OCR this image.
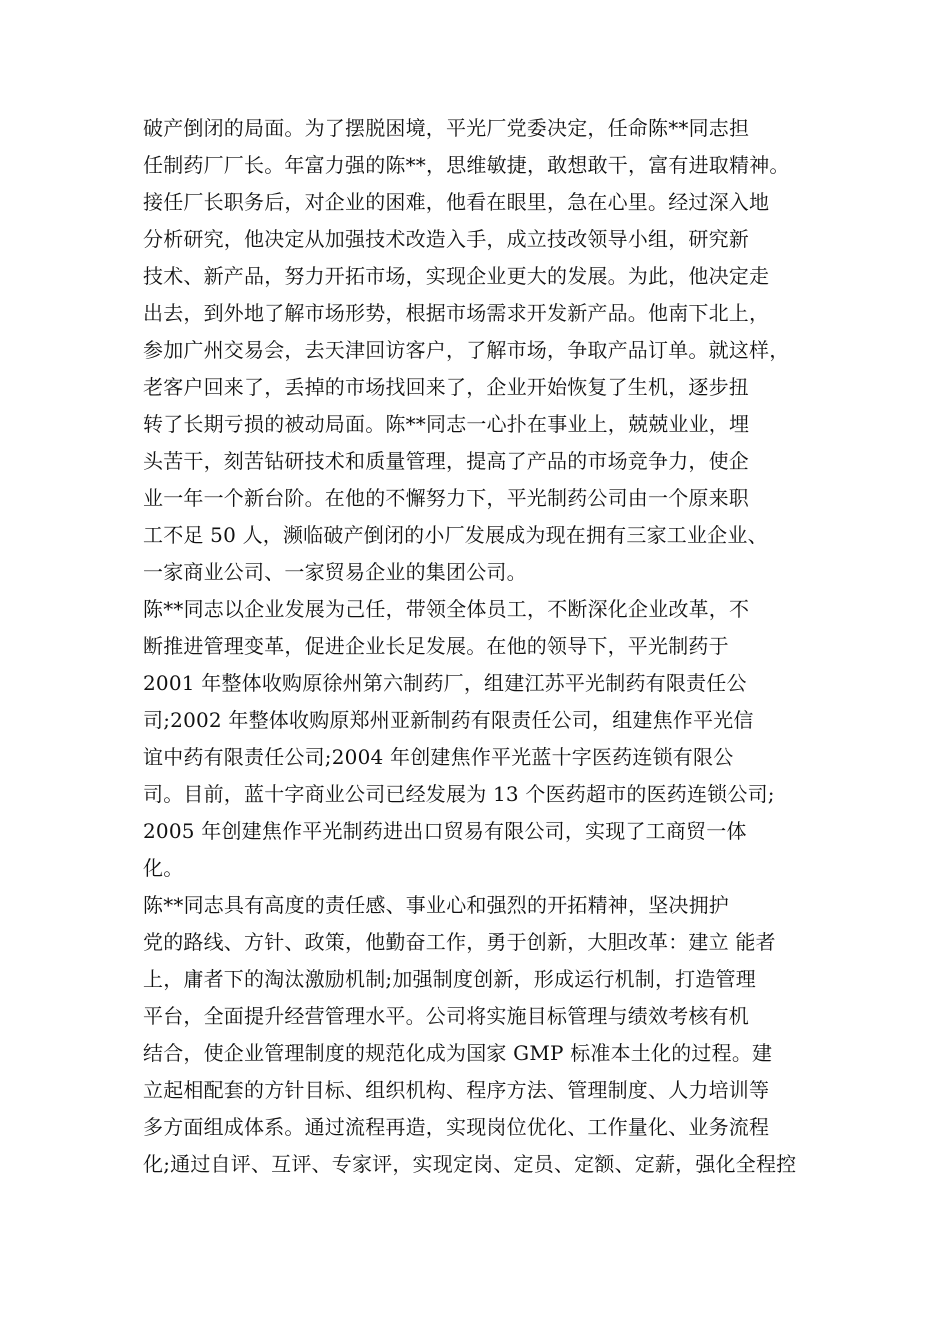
破产倒闭的局面。为了摆脱困境，平光厂党委决定，任命陈**同志担
任制药厂厂长。年富力强的陈**，思维敏捷，敢想敢干，富有进取精神。
接任厂长职务后，对企业的困难，他看在眼里，急在心里。经过深入地
分析研究，他决定从加强技术改造入手，成立技改领导小组，研究新
技术、新产品，努力开拓市场，实现企业更大的发展。为此，他决定走
出去，到外地了解市场形势，根据市场需求开发新产品。他南下北上，
参加广州交易会，去天津回访客户，了解市场，争取产品订单。就这样，
老客户回来了，丢掉的市场找回来了，企业开始恢复了生机，逐步扭
转了长期亏损的被动局面。陈**同志一心扑在事业上，兢兢业业，埋
头苦干，刻苦钻研技术和质量管理，提高了产品的市场竞争力，使企
业一年一个新台阶。在他的不懈努力下，平光制药公司由一个原来职
工不足 50 人，濒临破产倒闭的小厂发展成为现在拥有三家工业企业、
一家商业公司、一家贸易企业的集团公司。
陈**同志以企业发展为己任，带领全体员工，不断深化企业改革，不
断推进管理变革，促进企业长足发展。在他的领导下，平光制药于
2001 年整体收购原徐州第六制药厂，组建江苏平光制药有限责任公
司;2002 年整体收购原郑州亚新制药有限责任公司，组建焦作平光信
谊中药有限责任公司;2004 年创建焦作平光蓝十字医药连锁有限公
司。目前，蓝十字商业公司已经发展为 13 个医药超市的医药连锁公司;
2005 年创建焦作平光制药进出口贸易有限公司，实现了工商贸一体
化。
陈**同志具有高度的责任感、事业心和强烈的开拓精神，坚决拥护
党的路线、方针、政策，他勤奋工作，勇于创新，大胆改革：建立 能者
上，庸者下的淘汰激励机制;加强制度创新，形成运行机制，打造管理
平台，全面提升经营管理水平。公司将实施目标管理与绩效考核有机
结合，使企业管理制度的规范化成为国家 GMP 标准本土化的过程。建
立起相配套的方针目标、组织机构、程序方法、管理制度、人力培训等
多方面组成体系。通过流程再造，实现岗位优化、工作量化、业务流程
化;通过自评、互评、专家评，实现定岗、定员、定额、定薪，强化全程控
